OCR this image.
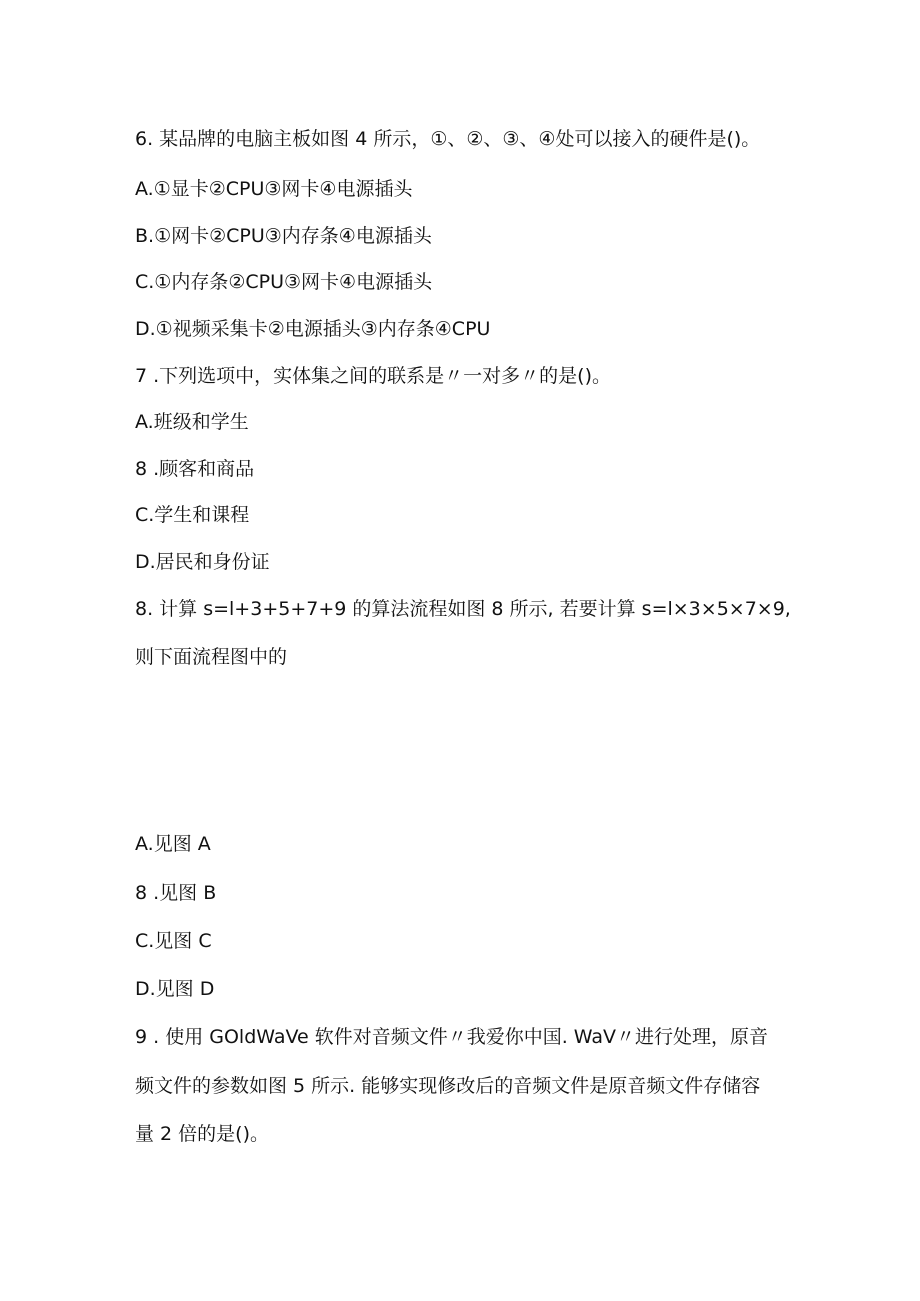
6. 某品牌的电脑主板如图 4 所示，①、②、③、④处可以接入的硬件是()。
A.①显卡②CPU③网卡④电源插头
B.①网卡②CPU③内存条④电源插头
C.①内存条②CPU③网卡④电源插头
D.①视频采集卡②电源插头③内存条④CPU
7 .下列选项中，实体集之间的联系是〃一对多〃的是()。
A.班级和学生
8 .顾客和商品
C.学生和课程
D.居民和身份证
8. 计算 s=l+3+5+7+9 的算法流程如图 8 所示, 若要计算 s=l×3×5×7×9,
则下面流程图中的
A.见图 A
8 .见图 B
C.见图 C
D.见图 D
9 . 使用 GOldWaVe 软件对音频文件〃我爱你中国. WaV〃进行处理，原音
频文件的参数如图 5 所示. 能够实现修改后的音频文件是原音频文件存储容
量 2 倍的是()。
